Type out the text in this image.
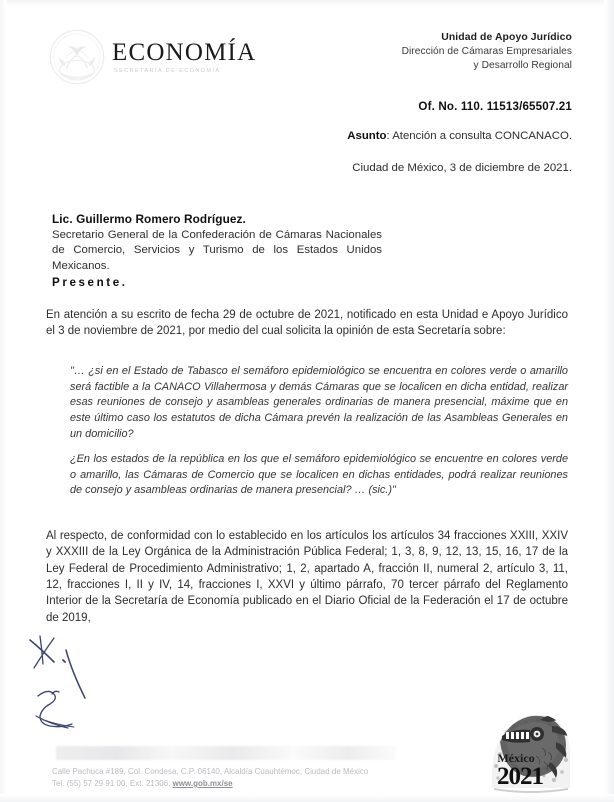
ECONOMÍA
SECRETARÍA DE ECONOMÍA
Unidad de Apoyo Jurídico
Dirección de Cámaras Empresariales
y Desarrollo Regional
Of. No. 110. 11513/65507.21
Asunto: Atención a consulta CONCANACO.
Ciudad de México, 3 de diciembre de 2021.
Lic. Guillermo Romero Rodríguez.
Secretario General de la Confederación de Cámaras Nacionales de Comercio, Servicios y Turismo de los Estados Unidos Mexicanos.
Presente.
En atención a su escrito de fecha 29 de octubre de 2021, notificado en esta Unidad e Apoyo Jurídico el 3 de noviembre de 2021, por medio del cual solicita la opinión de esta Secretaría sobre:
"… ¿si en el Estado de Tabasco el semáforo epidemiológico se encuentra en colores verde o amarillo será factible a la CANACO Villahermosa y demás Cámaras que se localicen en dicha entidad, realizar esas reuniones de consejo y asambleas generales ordinarias de manera presencial, máxime que en este último caso los estatutos de dicha Cámara prevén la realización de las Asambleas Generales en un domicilio?
¿En los estados de la república en los que el semáforo epidemiológico se encuentre en colores verde o amarillo, las Cámaras de Comercio que se localicen en dichas entidades, podrá realizar reuniones de consejo y asambleas ordinarias de manera presencial? … (sic.)"
Al respecto, de conformidad con lo establecido en los artículos los artículos 34 fracciones XXIII, XXIV y XXXIII de la Ley Orgánica de la Administración Pública Federal; 1, 3, 8, 9, 12, 13, 15, 16, 17 de la Ley Federal de Procedimiento Administrativo; 1, 2, apartado A, fracción II, numeral 2, artículo 3, 11, 12, fracciones I, II y IV, 14, fracciones I, XXVI y último párrafo, 70 tercer párrafo del Reglamento Interior de la Secretaría de Economía publicado en el Diario Oficial de la Federación el 17 de octubre de 2019,
Calle Pachuca #189, Col. Condesa, C.P. 06140, Alcaldía Cuauhtémoc, Ciudad de México
Tel. (55) 57 29 91 00, Ext. 21306, www.gob.mx/se
México
2021
